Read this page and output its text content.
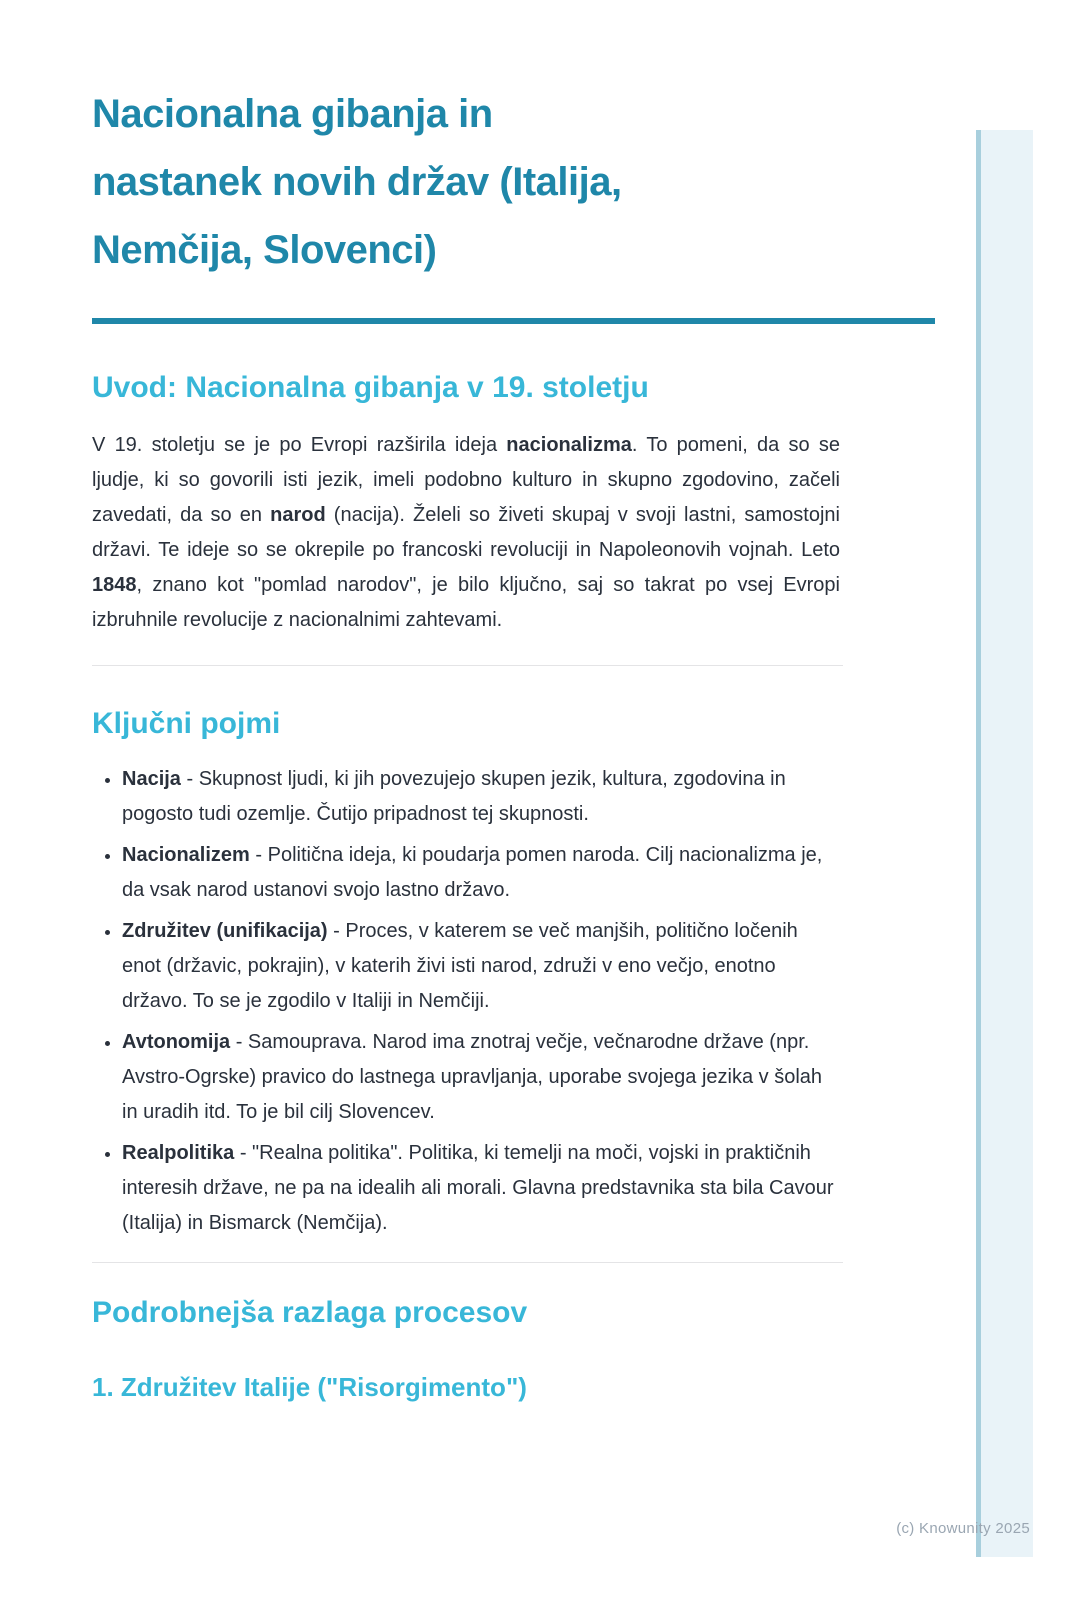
Nacionalna gibanja in
nastanek novih držav (Italija,
Nemčija, Slovenci)
Uvod: Nacionalna gibanja v 19. stoletju

V 19. stoletju se je po Evropi razširila ideja nacionalizma. To pomeni, da so se ljudje, ki so govorili isti jezik, imeli podobno kulturo in skupno zgodovino, začeli zavedati, da so en narod (nacija). Želeli so živeti skupaj v svoji lastni, samostojni državi. Te ideje so se okrepile po francoski revoluciji in Napoleonovih vojnah. Leto 1848, znano kot "pomlad narodov", je bilo ključno, saj so takrat po vsej Evropi izbruhnile revolucije z nacionalnimi zahtevami.

Ključni pojmi
• Nacija - Skupnost ljudi, ki jih povezujejo skupen jezik, kultura, zgodovina in pogosto tudi ozemlje. Čutijo pripadnost tej skupnosti.
• Nacionalizem - Politična ideja, ki poudarja pomen naroda. Cilj nacionalizma je, da vsak narod ustanovi svojo lastno državo.
• Združitev (unifikacija) - Proces, v katerem se več manjših, politično ločenih enot (državic, pokrajin), v katerih živi isti narod, združi v eno večjo, enotno državo. To se je zgodilo v Italiji in Nemčiji.
• Avtonomija - Samouprava. Narod ima znotraj večje, večnarodne države (npr. Avstro-Ogrske) pravico do lastnega upravljanja, uporabe svojega jezika v šolah in uradih itd. To je bil cilj Slovencev.
• Realpolitika - "Realna politika". Politika, ki temelji na moči, vojski in praktičnih interesih države, ne pa na idealih ali morali. Glavna predstavnika sta bila Cavour (Italija) in Bismarck (Nemčija).
Podrobnejša razlaga procesov
1. Združitev Italije ("Risorgimento")
(c) Knowunity 2025
